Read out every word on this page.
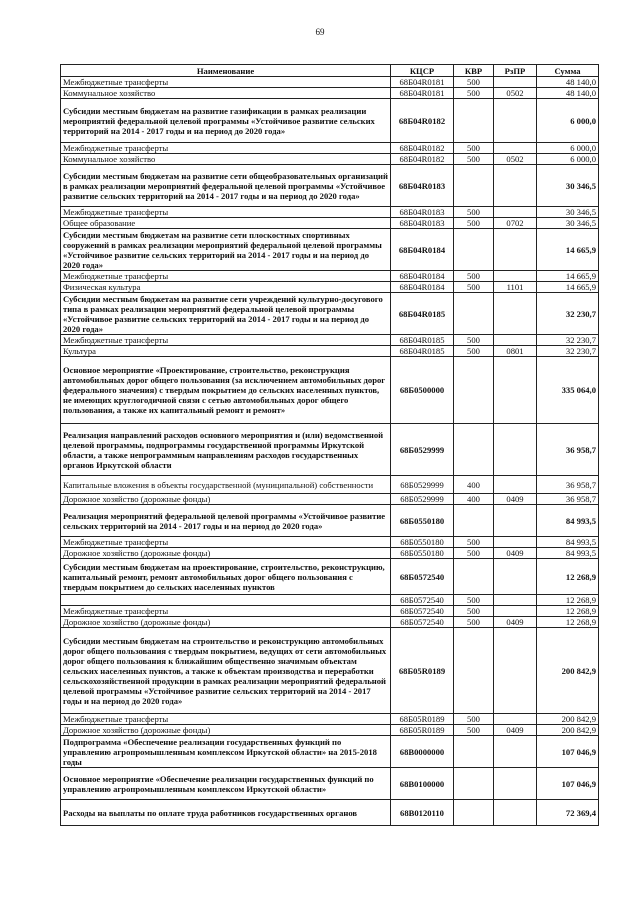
69
Наименование	КЦСР	КВР	РзПР	Сумма
Межбюджетные трансферты	68Б04R0181	500		48 140,0
Коммунальное хозяйство	68Б04R0181	500	0502	48 140,0
Субсидии местным бюджетам на развитие газификации в рамках реализации мероприятий федеральной целевой программы «Устойчивое развитие сельских территорий на 2014 - 2017 годы и на период до 2020 года»	68Б04R0182			6 000,0
Межбюджетные трансферты	68Б04R0182	500		6 000,0
Коммунальное хозяйство	68Б04R0182	500	0502	6 000,0
Субсидии местным бюджетам на развитие сети общеобразовательных организаций в рамках реализации мероприятий федеральной целевой программы «Устойчивое развитие сельских территорий на 2014 - 2017 годы и на период до 2020 года»	68Б04R0183			30 346,5
Межбюджетные трансферты	68Б04R0183	500		30 346,5
Общее образование	68Б04R0183	500	0702	30 346,5
Субсидии местным бюджетам на развитие сети плоскостных спортивных сооружений в рамках реализации мероприятий федеральной целевой программы «Устойчивое развитие сельских территорий на 2014 - 2017 годы и на период до 2020 года»	68Б04R0184			14 665,9
Межбюджетные трансферты	68Б04R0184	500		14 665,9
Физическая культура	68Б04R0184	500	1101	14 665,9
Субсидии местным бюджетам на развитие сети учреждений культурно-досугового типа в рамках реализации мероприятий федеральной целевой программы «Устойчивое развитие сельских территорий на 2014 - 2017 годы и на период до 2020 года»	68Б04R0185			32 230,7
Межбюджетные трансферты	68Б04R0185	500		32 230,7
Культура	68Б04R0185	500	0801	32 230,7
Основное мероприятие «Проектирование, строительство, реконструкция автомобильных дорог общего пользования (за исключением автомобильных дорог федерального значения) с твердым покрытием до сельских населенных пунктов, не имеющих круглогодичной связи с сетью автомобильных дорог общего пользования, а также их капитальный ремонт и ремонт»	68Б0500000			335 064,0
Реализация направлений расходов основного мероприятия и (или) ведомственной целевой программы, подпрограммы государственной программы Иркутской области, а также непрограммным направлениям расходов государственных органов Иркутской области	68Б0529999			36 958,7
Капитальные вложения в объекты государственной (муниципальной) собственности	68Б0529999	400		36 958,7
Дорожное хозяйство (дорожные фонды)	68Б0529999	400	0409	36 958,7
Реализация мероприятий федеральной целевой программы «Устойчивое развитие сельских территорий на 2014 - 2017 годы и на период до 2020 года»	68Б0550180			84 993,5
Межбюджетные трансферты	68Б0550180	500		84 993,5
Дорожное хозяйство (дорожные фонды)	68Б0550180	500	0409	84 993,5
Субсидии местным бюджетам на проектирование, строительство, реконструкцию, капитальный ремонт, ремонт автомобильных дорог общего пользования с твердым покрытием до сельских населенных пунктов	68Б0572540			12 268,9
	68Б0572540	500		12 268,9
Межбюджетные трансферты	68Б0572540	500		12 268,9
Дорожное хозяйство (дорожные фонды)	68Б0572540	500	0409	12 268,9
Субсидии местным бюджетам на строительство и реконструкцию автомобильных дорог общего пользования с твердым покрытием, ведущих от сети автомобильных дорог общего пользования к ближайшим общественно значимым объектам сельских населенных пунктов, а также к объектам производства и переработки сельскохозяйственной продукции в рамках реализации мероприятий федеральной целевой программы «Устойчивое развитие сельских территорий на 2014 - 2017 годы и на период до 2020 года»	68Б05R0189			200 842,9
Межбюджетные трансферты	68Б05R0189	500		200 842,9
Дорожное хозяйство (дорожные фонды)	68Б05R0189	500	0409	200 842,9
Подпрограмма «Обеспечение реализации государственных функций по управлению агропромышленным комплексом Иркутской области» на 2015-2018 годы	68В0000000			107 046,9
Основное мероприятие «Обеспечение реализации государственных функций по управлению агропромышленным комплексом Иркутской области»	68В0100000			107 046,9
Расходы на выплаты по оплате труда работников государственных органов	68В0120110			72 369,4
